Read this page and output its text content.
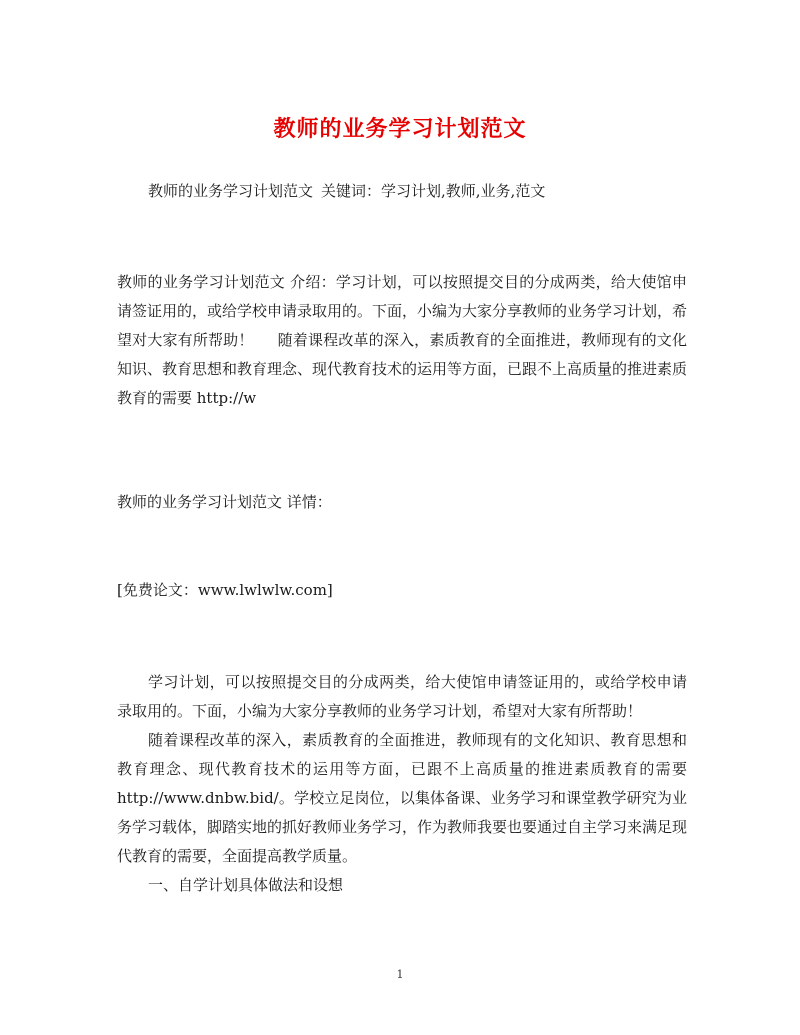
教师的业务学习计划范文
教师的业务学习计划范文 关键词：学习计划,教师,业务,范文
教师的业务学习计划范文 介绍：学习计划，可以按照提交目的分成两类，给大使馆申请签证用的，或给学校申请录取用的。下面，小编为大家分享教师的业务学习计划，希望对大家有所帮助！ 随着课程改革的深入，素质教育的全面推进，教师现有的文化知识、教育思想和教育理念、现代教育技术的运用等方面，已跟不上高质量的推进素质教育的需要 http://w
教师的业务学习计划范文 详情：
[免费论文：www.lwlwlw.com]

学习计划，可以按照提交目的分成两类，给大使馆申请签证用的，或给学校申请录取用的。下面，小编为大家分享教师的业务学习计划，希望对大家有所帮助！

随着课程改革的深入，素质教育的全面推进，教师现有的文化知识、教育思想和教育理念、现代教育技术的运用等方面，已跟不上高质量的推进素质教育的需要 http://www.dnbw.bid/。学校立足岗位，以集体备课、业务学习和课堂教学研究为业务学习载体，脚踏实地的抓好教师业务学习，作为教师我要也要通过自主学习来满足现代教育的需要，全面提高教学质量。

一、自学计划具体做法和设想

1
